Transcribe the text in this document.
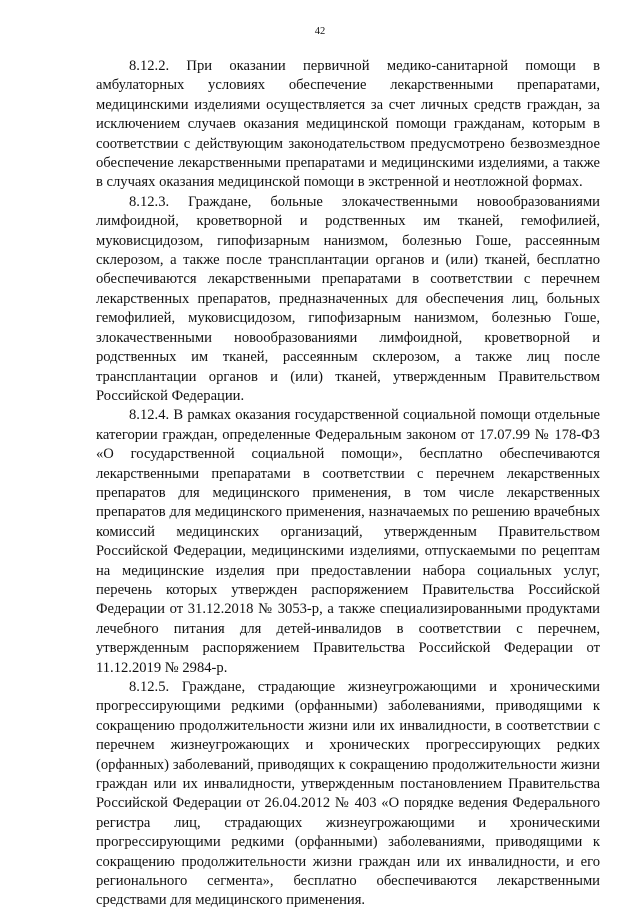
42

8.12.2. При оказании первичной медико-санитарной помощи в амбулаторных условиях обеспечение лекарственными препаратами, медицинскими изделиями осуществляется за счет личных средств граждан, за исключением случаев оказания медицинской помощи гражданам, которым в соответствии с действующим законодательством предусмотрено безвозмездное обеспечение лекарственными препаратами и медицинскими изделиями, а также в случаях оказания медицинской помощи в экстренной и неотложной формах.

8.12.3. Граждане, больные злокачественными новообразованиями лимфоидной, кроветворной и родственных им тканей, гемофилией, муковисцидозом, гипофизарным нанизмом, болезнью Гоше, рассеянным склерозом, а также после трансплантации органов и (или) тканей, бесплатно обеспечиваются лекарственными препаратами в соответствии с перечнем лекарственных препаратов, предназначенных для обеспечения лиц, больных гемофилией, муковисцидозом, гипофизарным нанизмом, болезнью Гоше, злокачественными новообразованиями лимфоидной, кроветворной и родственных им тканей, рассеянным склерозом, а также лиц после трансплантации органов и (или) тканей, утвержденным Правительством Российской Федерации.

8.12.4. В рамках оказания государственной социальной помощи отдельные категории граждан, определенные Федеральным законом от 17.07.99 № 178-ФЗ «О государственной социальной помощи», бесплатно обеспечиваются лекарственными препаратами в соответствии с перечнем лекарственных препаратов для медицинского применения, в том числе лекарственных препаратов для медицинского применения, назначаемых по решению врачебных комиссий медицинских организаций, утвержденным Правительством Российской Федерации, медицинскими изделиями, отпускаемыми по рецептам на медицинские изделия при предоставлении набора социальных услуг, перечень которых утвержден распоряжением Правительства Российской Федерации от 31.12.2018 № 3053-р, а также специализированными продуктами лечебного питания для детей-инвалидов в соответствии с перечнем, утвержденным распоряжением Правительства Российской Федерации от 11.12.2019 № 2984-р.

8.12.5. Граждане, страдающие жизнеугрожающими и хроническими прогрессирующими редкими (орфанными) заболеваниями, приводящими к сокращению продолжительности жизни или их инвалидности, в соответствии с перечнем жизнеугрожающих и хронических прогрессирующих редких (орфанных) заболеваний, приводящих к сокращению продолжительности жизни граждан или их инвалидности, утвержденным постановлением Правительства Российской Федерации от 26.04.2012 № 403 «О порядке ведения Федерального регистра лиц, страдающих жизнеугрожающими и хроническими прогрессирующими редкими (орфанными) заболеваниями, приводящими к сокращению продолжительности жизни граждан или их инвалидности, и его регионального сегмента», бесплатно обеспечиваются лекарственными средствами для медицинского применения.
